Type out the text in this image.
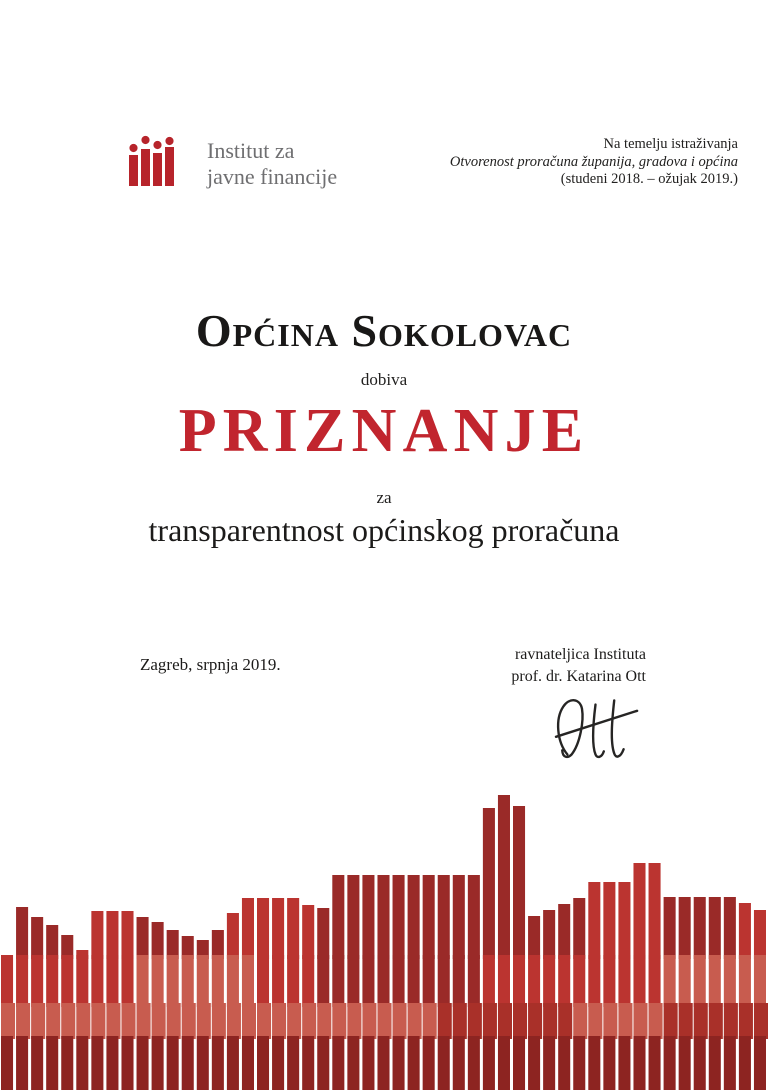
Institut za
javne financije
Na temelju istraživanja
Otvorenost proračuna županija, gradova i općina
(studeni 2018. – ožujak 2019.)
Općina Sokolovac
dobiva
PRIZNANJE
za
transparentnost općinskog proračuna
Zagreb, srpnja 2019.
ravnateljica Instituta
prof. dr. Katarina Ott
